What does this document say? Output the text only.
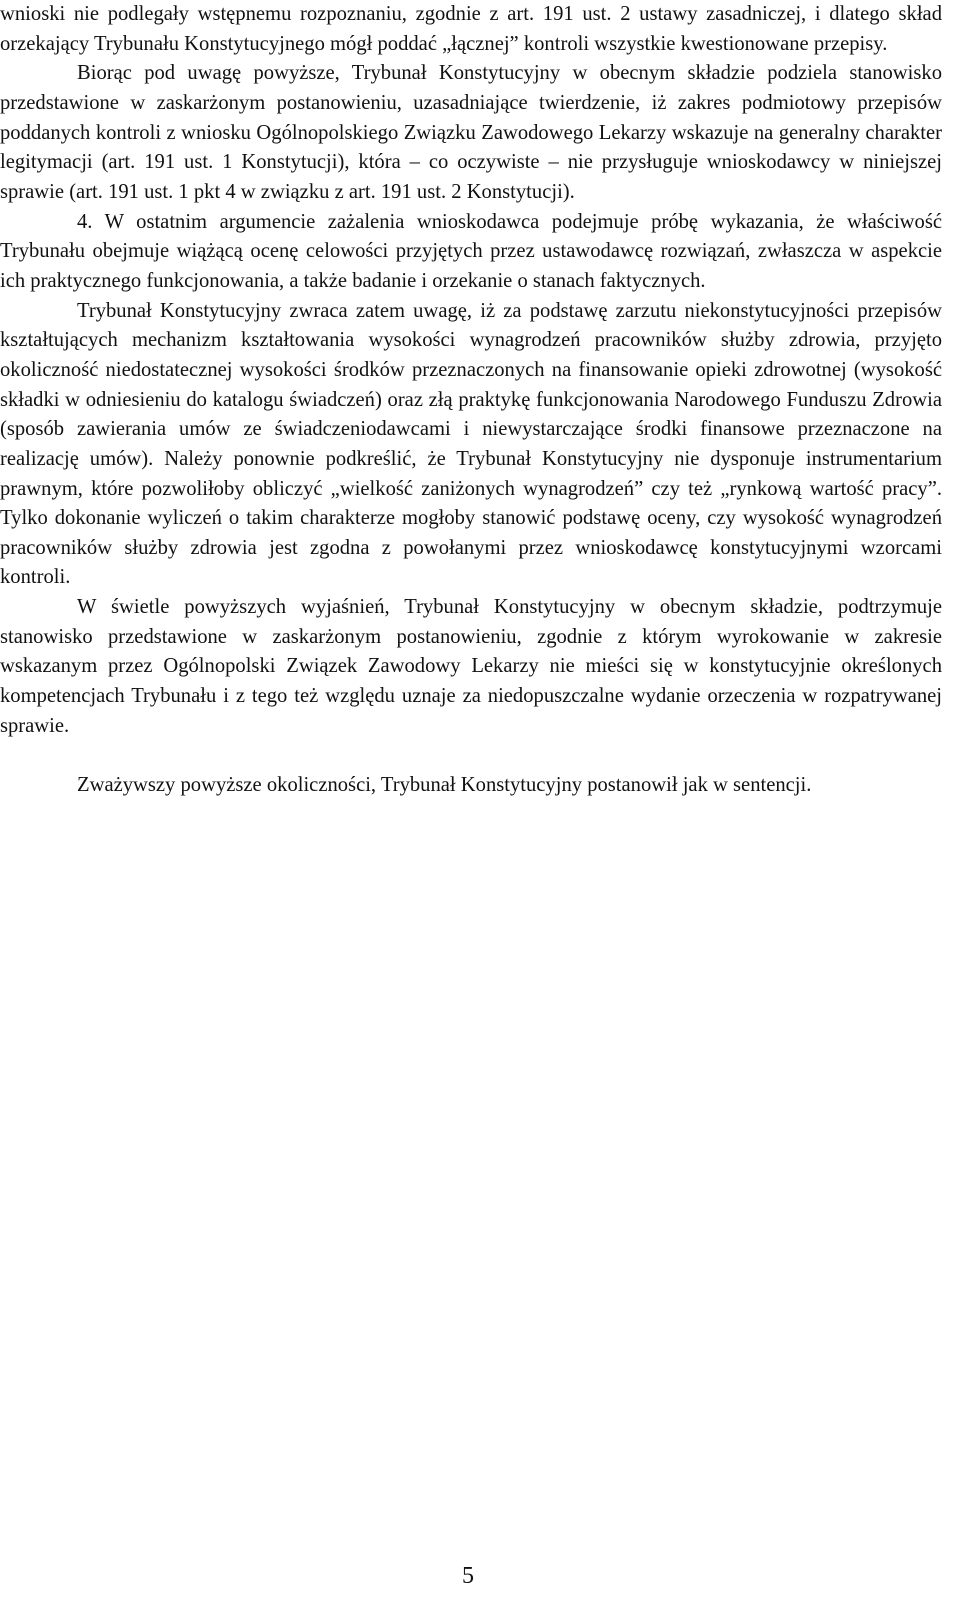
wnioski nie podlegały wstępnemu rozpoznaniu, zgodnie z art. 191 ust. 2 ustawy zasadniczej, i dlatego skład orzekający Trybunału Konstytucyjnego mógł poddać „łącznej” kontroli wszystkie kwestionowane przepisy.

Biorąc pod uwagę powyższe, Trybunał Konstytucyjny w obecnym składzie podziela stanowisko przedstawione w zaskarżonym postanowieniu, uzasadniające twierdzenie, iż zakres podmiotowy przepisów poddanych kontroli z wniosku Ogólnopolskiego Związku Zawodowego Lekarzy wskazuje na generalny charakter legitymacji (art. 191 ust. 1 Konstytucji), która – co oczywiste – nie przysługuje wnioskodawcy w niniejszej sprawie (art. 191 ust. 1 pkt 4 w związku z art. 191 ust. 2 Konstytucji).

4. W ostatnim argumencie zażalenia wnioskodawca podejmuje próbę wykazania, że właściwość Trybunału obejmuje wiążącą ocenę celowości przyjętych przez ustawodawcę rozwiązań, zwłaszcza w aspekcie ich praktycznego funkcjonowania, a także badanie i orzekanie o stanach faktycznych.

Trybunał Konstytucyjny zwraca zatem uwagę, iż za podstawę zarzutu niekonstytucyjności przepisów kształtujących mechanizm kształtowania wysokości wynagrodzeń pracowników służby zdrowia, przyjęto okoliczność niedostatecznej wysokości środków przeznaczonych na finansowanie opieki zdrowotnej (wysokość składki w odniesieniu do katalogu świadczeń) oraz złą praktykę funkcjonowania Narodowego Funduszu Zdrowia (sposób zawierania umów ze świadczeniodawcami i niewystarczające środki finansowe przeznaczone na realizację umów). Należy ponownie podkreślić, że Trybunał Konstytucyjny nie dysponuje instrumentarium prawnym, które pozwoliłoby obliczyć „wielkość zaniżonych wynagrodzeń” czy też „rynkową wartość pracy”. Tylko dokonanie wyliczeń o takim charakterze mogłoby stanowić podstawę oceny, czy wysokość wynagrodzeń pracowników służby zdrowia jest zgodna z powołanymi przez wnioskodawcę konstytucyjnymi wzorcami kontroli.

W świetle powyższych wyjaśnień, Trybunał Konstytucyjny w obecnym składzie, podtrzymuje stanowisko przedstawione w zaskarżonym postanowieniu, zgodnie z którym wyrokowanie w zakresie wskazanym przez Ogólnopolski Związek Zawodowy Lekarzy nie mieści się w konstytucyjnie określonych kompetencjach Trybunału i z tego też względu uznaje za niedopuszczalne wydanie orzeczenia w rozpatrywanej sprawie.

Zważywszy powyższe okoliczności, Trybunał Konstytucyjny postanowił jak w sentencji.

5
